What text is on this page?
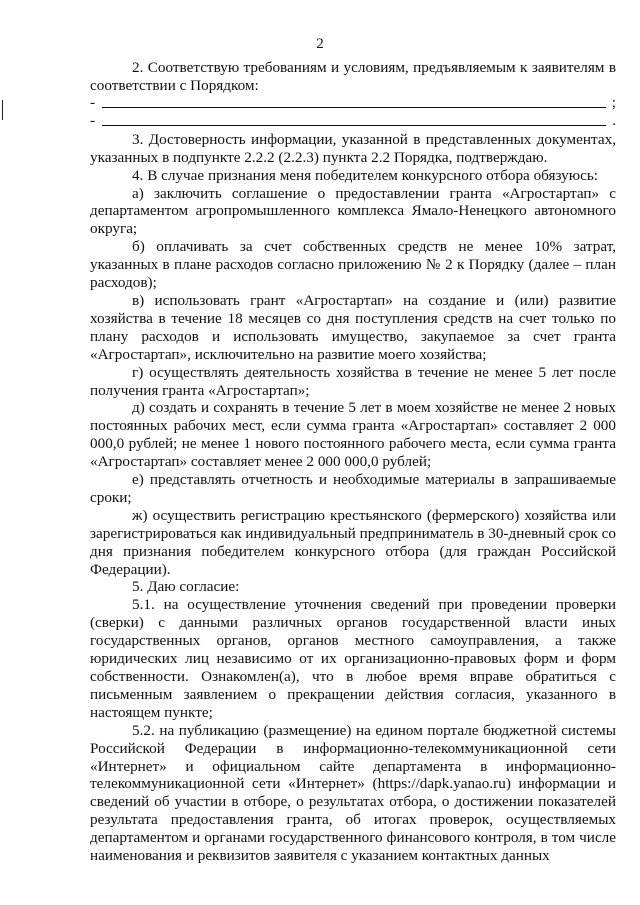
2

2. Соответствую требованиям и условиям, предъявляемым к заявителям в соответствии с Порядком:

-	;
-	.

3. Достоверность информации, указанной в представленных документах, указанных в подпункте 2.2.2 (2.2.3) пункта 2.2 Порядка, подтверждаю.

4. В случае признания меня победителем конкурсного отбора обязуюсь:

а) заключить соглашение о предоставлении гранта «Агростартап» с департаментом агропромышленного комплекса Ямало-Ненецкого автономного округа;

б) оплачивать за счет собственных средств не менее 10% затрат, указанных в плане расходов согласно приложению № 2 к Порядку (далее – план расходов);

в) использовать грант «Агростартап» на создание и (или) развитие хозяйства в течение 18 месяцев со дня поступления средств на счет только по плану расходов и использовать имущество, закупаемое за счет гранта «Агростартап», исключительно на развитие моего хозяйства;

г) осуществлять деятельность хозяйства в течение не менее 5 лет после получения гранта «Агростартап»;

д) создать и сохранять в течение 5 лет в моем хозяйстве не менее 2 новых постоянных рабочих мест, если сумма гранта «Агростартап» составляет 2 000 000,0 рублей; не менее 1 нового постоянного рабочего места, если сумма гранта «Агростартап» составляет менее 2 000 000,0 рублей;

е) представлять отчетность и необходимые материалы в запрашиваемые сроки;

ж) осуществить регистрацию крестьянского (фермерского) хозяйства или зарегистрироваться как индивидуальный предприниматель в 30-дневный срок со дня признания победителем конкурсного отбора (для граждан Российской Федерации).

5. Даю согласие:

5.1. на осуществление уточнения сведений при проведении проверки (сверки) с данными различных органов государственной власти иных государственных органов, органов местного самоуправления, а также юридических лиц независимо от их организационно-правовых форм и форм собственности. Ознакомлен(а), что в любое время вправе обратиться с письменным заявлением о прекращении действия согласия, указанного в настоящем пункте;

5.2. на публикацию (размещение) на едином портале бюджетной системы Российской Федерации в информационно-телекоммуникационной сети «Интернет» и официальном сайте департамента в информационно-телекоммуникационной сети «Интернет» (https://dapk.yanao.ru) информации и сведений об участии в отборе, о результатах отбора, о достижении показателей результата предоставления гранта, об итогах проверок, осуществляемых департаментом и органами государственного финансового контроля, в том числе наименования и реквизитов заявителя с указанием контактных данных
